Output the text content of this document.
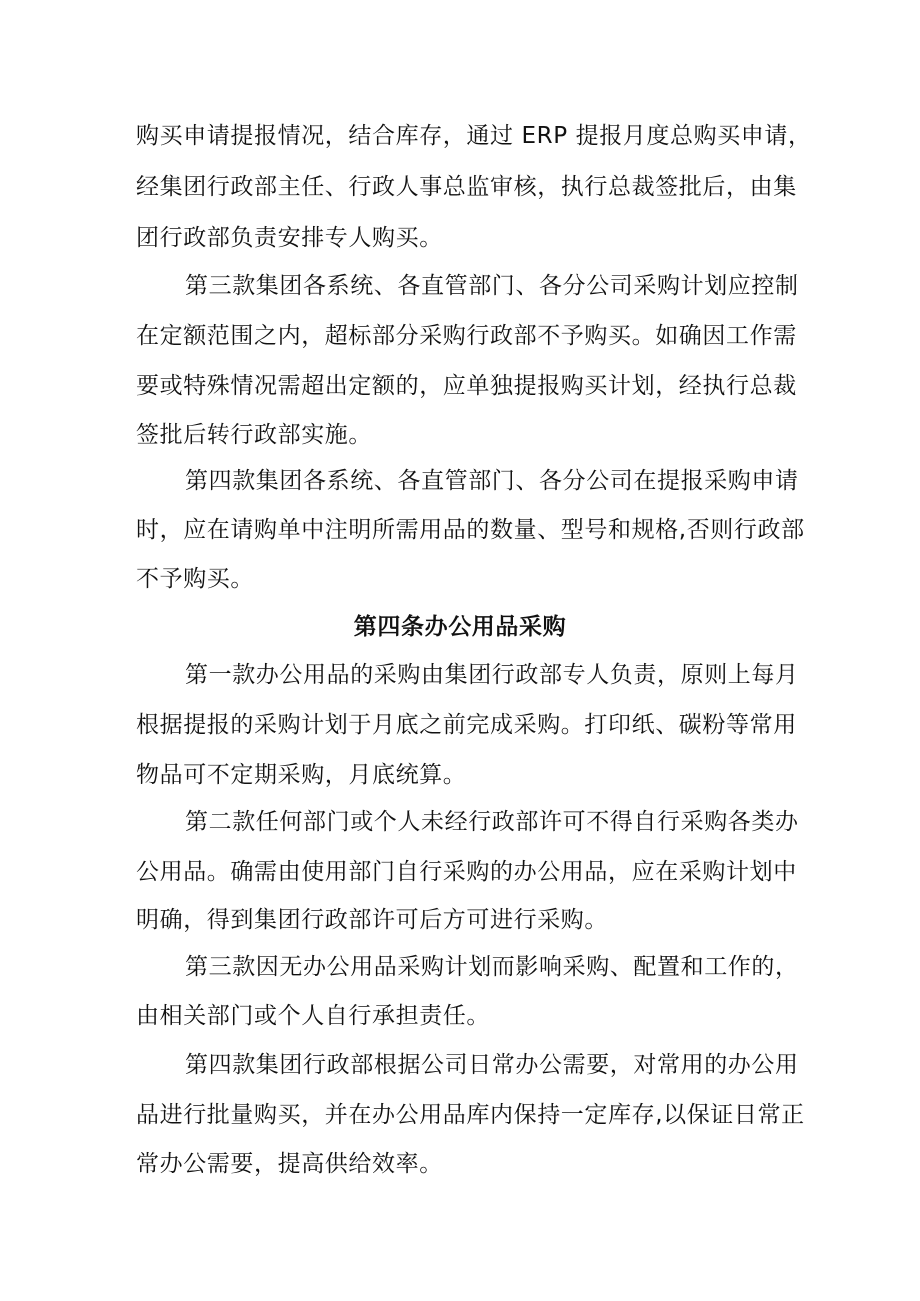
购买申请提报情况，结合库存，通过 ERP 提报月度总购买申请，
经集团行政部主任、行政人事总监审核，执行总裁签批后，由集
团行政部负责安排专人购买。
第三款集团各系统、各直管部门、各分公司采购计划应控制
在定额范围之内，超标部分采购行政部不予购买。如确因工作需
要或特殊情况需超出定额的，应单独提报购买计划，经执行总裁
签批后转行政部实施。
第四款集团各系统、各直管部门、各分公司在提报采购申请
时，应在请购单中注明所需用品的数量、型号和规格,否则行政部
不予购买。
第四条办公用品采购
第一款办公用品的采购由集团行政部专人负责，原则上每月
根据提报的采购计划于月底之前完成采购。打印纸、碳粉等常用
物品可不定期采购，月底统算。
第二款任何部门或个人未经行政部许可不得自行采购各类办
公用品。确需由使用部门自行采购的办公用品，应在采购计划中
明确，得到集团行政部许可后方可进行采购。
第三款因无办公用品采购计划而影响采购、配置和工作的，
由相关部门或个人自行承担责任。
第四款集团行政部根据公司日常办公需要，对常用的办公用
品进行批量购买，并在办公用品库内保持一定库存,以保证日常正
常办公需要，提高供给效率。
